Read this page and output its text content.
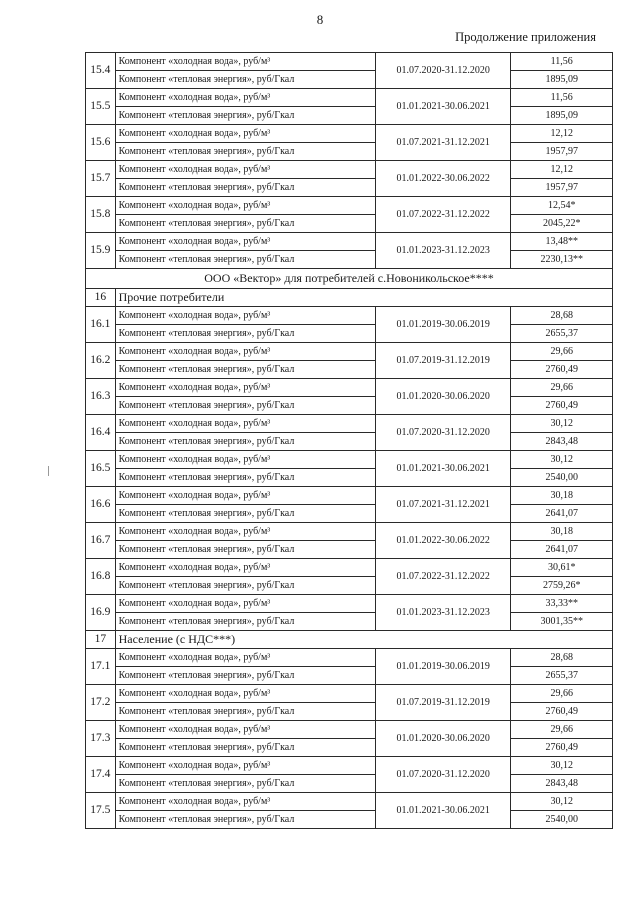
8
Продолжение приложения
15.4	Компонент «холодная вода», руб/м³	01.07.2020-31.12.2020	11,56
	Компонент «тепловая энергия», руб/Гкал		1895,09
15.5	Компонент «холодная вода», руб/м³	01.01.2021-30.06.2021	11,56
	Компонент «тепловая энергия», руб/Гкал		1895,09
15.6	Компонент «холодная вода», руб/м³	01.07.2021-31.12.2021	12,12
	Компонент «тепловая энергия», руб/Гкал		1957,97
15.7	Компонент «холодная вода», руб/м³	01.01.2022-30.06.2022	12,12
	Компонент «тепловая энергия», руб/Гкал		1957,97
15.8	Компонент «холодная вода», руб/м³	01.07.2022-31.12.2022	12,54*
	Компонент «тепловая энергия», руб/Гкал		2045,22*
15.9	Компонент «холодная вода», руб/м³	01.01.2023-31.12.2023	13,48**
	Компонент «тепловая энергия», руб/Гкал		2230,13**
ООО «Вектор» для потребителей с.Новоникольское****			
16	Прочие потребители		
16.1	Компонент «холодная вода», руб/м³	01.01.2019-30.06.2019	28,68
	Компонент «тепловая энергия», руб/Гкал		2655,37
16.2	Компонент «холодная вода», руб/м³	01.07.2019-31.12.2019	29,66
	Компонент «тепловая энергия», руб/Гкал		2760,49
16.3	Компонент «холодная вода», руб/м³	01.01.2020-30.06.2020	29,66
	Компонент «тепловая энергия», руб/Гкал		2760,49
16.4	Компонент «холодная вода», руб/м³	01.07.2020-31.12.2020	30,12
	Компонент «тепловая энергия», руб/Гкал		2843,48
16.5	Компонент «холодная вода», руб/м³	01.01.2021-30.06.2021	30,12
	Компонент «тепловая энергия», руб/Гкал		2540,00
16.6	Компонент «холодная вода», руб/м³	01.07.2021-31.12.2021	30,18
	Компонент «тепловая энергия», руб/Гкал		2641,07
16.7	Компонент «холодная вода», руб/м³	01.01.2022-30.06.2022	30,18
	Компонент «тепловая энергия», руб/Гкал		2641,07
16.8	Компонент «холодная вода», руб/м³	01.07.2022-31.12.2022	30,61*
	Компонент «тепловая энергия», руб/Гкал		2759,26*
16.9	Компонент «холодная вода», руб/м³	01.01.2023-31.12.2023	33,33**
	Компонент «тепловая энергия», руб/Гкал		3001,35**
17	Население (с НДС***)		
17.1	Компонент «холодная вода», руб/м³	01.01.2019-30.06.2019	28,68
	Компонент «тепловая энергия», руб/Гкал		2655,37
17.2	Компонент «холодная вода», руб/м³	01.07.2019-31.12.2019	29,66
	Компонент «тепловая энергия», руб/Гкал		2760,49
17.3	Компонент «холодная вода», руб/м³	01.01.2020-30.06.2020	29,66
	Компонент «тепловая энергия», руб/Гкал		2760,49
17.4	Компонент «холодная вода», руб/м³	01.07.2020-31.12.2020	30,12
	Компонент «тепловая энергия», руб/Гкал		2843,48
17.5	Компонент «холодная вода», руб/м³	01.01.2021-30.06.2021	30,12
	Компонент «тепловая энергия», руб/Гкал		2540,00
